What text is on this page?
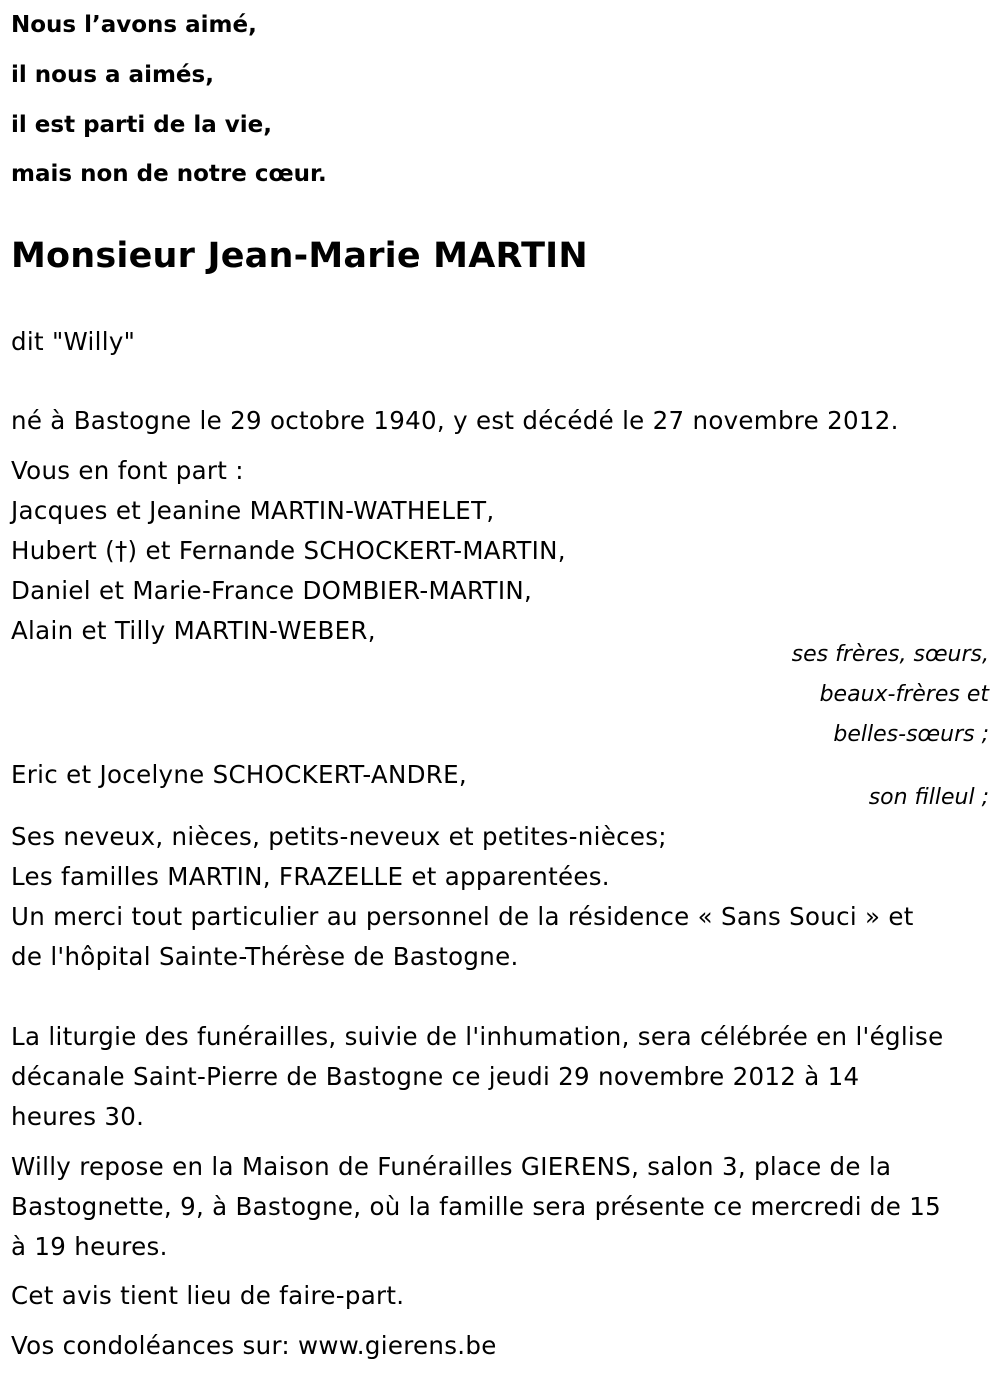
Nous l’avons aimé,
il nous a aimés,
il est parti de la vie,
mais non de notre cœur.
Monsieur Jean-Marie MARTIN
dit "Willy"
né à Bastogne le 29 octobre 1940, y est décédé le 27 novembre 2012.
Vous en font part :
Jacques et Jeanine MARTIN-WATHELET,
Hubert (†) et Fernande SCHOCKERT-MARTIN,
Daniel et Marie-France DOMBIER-MARTIN,
Alain et Tilly MARTIN-WEBER,
ses frères, sœurs,
beaux-frères et
belles-sœurs ;
Eric et Jocelyne SCHOCKERT-ANDRE,
son filleul ;
Ses neveux, nièces, petits-neveux et petites-nièces;
Les familles MARTIN, FRAZELLE et apparentées.
Un merci tout particulier au personnel de la résidence « Sans Souci » et
de l'hôpital Sainte-Thérèse de Bastogne.
La liturgie des funérailles, suivie de l'inhumation, sera célébrée en l'église
décanale Saint-Pierre de Bastogne ce jeudi 29 novembre 2012 à 14
heures 30.
Willy repose en la Maison de Funérailles GIERENS, salon 3, place de la
Bastognette, 9, à Bastogne, où la famille sera présente ce mercredi de 15
à 19 heures.
Cet avis tient lieu de faire-part.
Vos condoléances sur: www.gierens.be
